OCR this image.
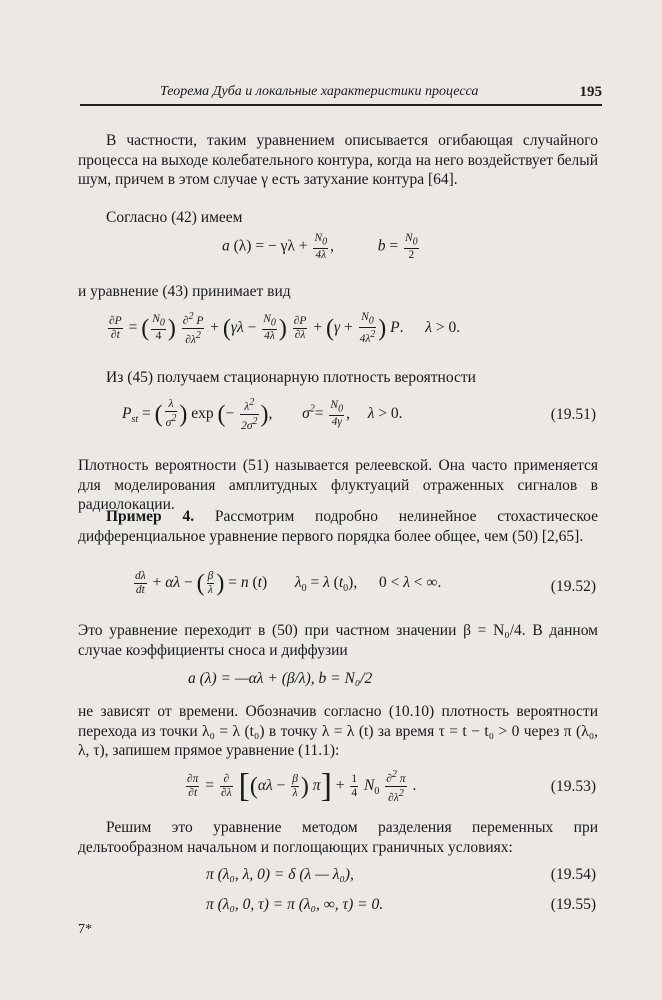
Теорема Дуба и локальные характеристики процесса	195
В частности, таким уравнением описывается огибающая случайного процесса на выходе колебательного контура, когда на него воздействует белый шум, причем в этом случае γ есть затухание контура [64].
Согласно (42) имеем
a (λ) = − $\gamma\lambda + \frac{N_0}{4\lambda}$ ,	$b = \frac{N_0}{2}$
и уравнение (43) принимает вид
$\frac{\partial P}{\partial t}$ = ( $\frac{N_0}{4}$ ) $\frac{\partial^2 P}{\partial\lambda^2} + (\gamma\lambda - \frac{N_0}{4\lambda}$ ) $\frac{\partial P}{\partial\lambda} + (\gamma + \frac{N_0}{4\lambda^2}$ ) P.  λ > 0.
Из (45) получаем стационарную плотность вероятности
$P_{st}$ = ( $\frac{\lambda}{\sigma^2}$ ) exp (− $\frac{\lambda^2}{2\sigma^2}$ ),  $\sigma^2= \frac{N_0}{4\gamma}$ ,  λ > 0.	(19.51)
Плотность вероятности (51) называется релеевской. Она часто применяется для моделирования амплитудных флуктуаций отраженных сигналов в радиолокации.
Пример 4. Рассмотрим подробно нелинейное стохастическое дифференциальное уравнение первого порядка более общее, чем (50) [2,65].
$\frac{d\lambda}{dt} + \alpha\lambda$ − ( $\frac{\beta}{\lambda}$ ) = n (t)  $\lambda_0 = \lambda$ $(t_0)$, 0 < λ < ∞.	(19.52)
Это уравнение переходит в (50) при частном значении β = N₀/4. В данном случае коэффициенты сноса и диффузии
a (λ) = —αλ + (β/λ), b = N₀/2
не зависят от времени. Обозначив согласно (10.10) плотность вероятности перехода из точки λ₀ = λ (t₀) в точку λ = λ (t) за время τ = t − t₀ > 0 через π (λ₀, λ, τ), запишем прямое уравнение (11.1):
$\frac{\partial\pi}{\partial t} = \frac{\partial}{\partial\lambda} [(\alpha\lambda - \frac{\beta}{\lambda}$ ) $\pi] + \frac{1}{4} N_0 \frac{\partial^2 \pi}{\partial\lambda^2}$ .	(19.53)
Решим это уравнение методом разделения переменных при дельтообразном начальном и поглощающих граничных условиях:
π (λ₀, λ, 0) = δ (λ — λ₀),	(19.54)
π (λ₀, 0, τ) = π (λ₀, ∞, τ) = 0.	(19.55)
7*
